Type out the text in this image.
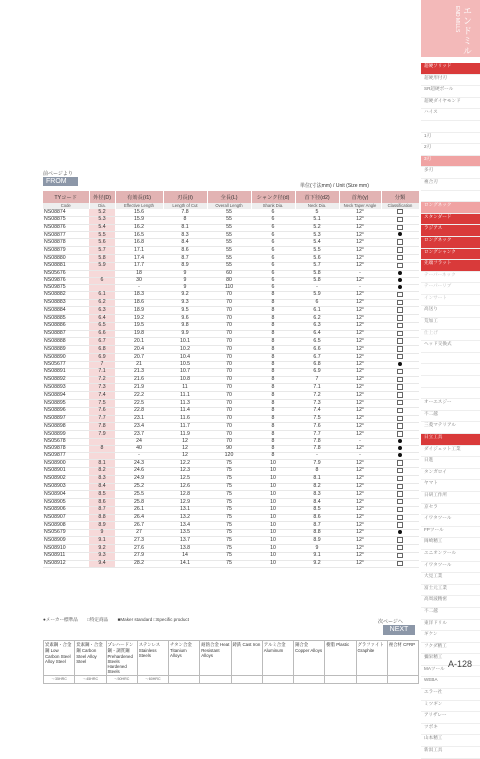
エンドミル
END MILLS
超硬ソリッド
超硬形付刃
SR超硬ボール
超硬ダイヤモンド
ハイス
1刃
2刃
3刃
多刃
複合刃
ロングネック
スタンダード
ラジアス
ロングネック
ロングシャンク
先端フラット
テーパーネック
テーパーリブ
インサート
高送り
荒加工
仕上げ
ヘッド交換式
オーエスジー
不二越
三菱マテリアル
日立工具
ダイジェット工業
日進
タンガロイ
ヤマト
日研工作所
京セラ
イワタツール
FPツール
岡崎精工
ユニオンツール
イワタツール
大見工業
富士元工業
高周波精密
不二越
東洋ドリル
ギケン
フクダ精工
彌栄精工
MAツール
WEBA
エラー社
ミツギン
アリザレー
ツボキ
山本精工
新潟工具
A-128
前ページより
FROM
単位(寸法mm) / Unit (Size mm)
TYコード	外径(D)	有効長(ℓ1)	刃長(ℓ)	全長(L)	シャンク径(d)	首下径(d2)	首角(γ)	分類
Code	Dia.	Effective Length	Length of Cut	Overall Length	Shank Dia.	Neck Dia.	Neck Taper Angle	Classification
NS08874	5.2	15.6	7.8	55	6	5	12°	
NS08875	5.3	15.9	8	55	6	5.1	12°	
NS08876	5.4	16.2	8.1	55	6	5.2	12°	
NS08877	5.5	16.5	8.3	55	6	5.3	12°	
NS08878	5.6	16.8	8.4	55	6	5.4	12°	
NS08879	5.7	17.1	8.6	55	6	5.5	12°	
NS08880	5.8	17.4	8.7	55	6	5.6	12°	
NS08881	5.9	17.7	8.9	55	6	5.7	12°	
NS05676		18	9	60	6	5.8	-	
NS09876	6	30	9	80	6	5.8	12°	
NS09875		-	9	110	6	-	-	
NS08882	6.1	18.3	9.2	70	8	5.9	12°	
NS08883	6.2	18.6	9.3	70	8	6	12°	
NS08884	6.3	18.9	9.5	70	8	6.1	12°	
NS08885	6.4	19.2	9.6	70	8	6.2	12°	
NS08886	6.5	19.5	9.8	70	8	6.3	12°	
NS08887	6.6	19.8	9.9	70	8	6.4	12°	
NS08888	6.7	20.1	10.1	70	8	6.5	12°	
NS08889	6.8	20.4	10.2	70	8	6.6	12°	
NS08890	6.9	20.7	10.4	70	8	6.7	12°	
NS05677	7	21	10.5	70	8	6.8	12°	
NS08891	7.1	21.3	10.7	70	8	6.9	12°	
NS08892	7.2	21.6	10.8	70	8	7	12°	
NS08893	7.3	21.9	11	70	8	7.1	12°	
NS08894	7.4	22.2	11.1	70	8	7.2	12°	
NS08895	7.5	22.5	11.3	70	8	7.3	12°	
NS08896	7.6	22.8	11.4	70	8	7.4	12°	
NS08897	7.7	23.1	11.6	70	8	7.5	12°	
NS08898	7.8	23.4	11.7	70	8	7.6	12°	
NS08899	7.9	23.7	11.9	70	8	7.7	12°	
NS05678		24	12	70	8	7.8	-	
NS09878	8	40	12	90	8	7.8	12°	
NS09877		-	12	120	8	-	-	
NS08900	8.1	24.3	12.2	75	10	7.9	12°	
NS08901	8.2	24.6	12.3	75	10	8	12°	
NS08902	8.3	24.9	12.5	75	10	8.1	12°	
NS08903	8.4	25.2	12.6	75	10	8.2	12°	
NS08904	8.5	25.5	12.8	75	10	8.3	12°	
NS08905	8.6	25.8	12.9	75	10	8.4	12°	
NS08906	8.7	26.1	13.1	75	10	8.5	12°	
NS08907	8.8	26.4	13.2	75	10	8.6	12°	
NS08908	8.9	26.7	13.4	75	10	8.7	12°	
NS05679	9	27	13.5	75	10	8.8	12°	
NS08909	9.1	27.3	13.7	75	10	8.9	12°	
NS08910	9.2	27.6	13.8	75	10	9	12°	
NS08911	9.3	27.9	14	75	10	9.1	12°	
NS08912	9.4	28.2	14.1	75	10	9.2	12°	
●メーカー標準品 □特定商品 ■Maker standard □Specific product	次ページへ
NEXT
炭素鋼・合金鋼 Low Carbon Steel Alloy Steel	炭素鋼・合金鋼 Carbon Steel Alloy Steel	プレハードン鋼・調質鋼 Prehardened Steels Hardened Steels	ステンレス Stainless Steels	チタン合金 Titanium Alloys	耐熱合金 Heat Resistant Alloys	鋳鉄 Cast Iron	アルミ合金 Aluminum	銅合金 Copper Alloys	樹脂 Plastic	グラファイト Graphite	複合材 CFRP
〜35HRC	〜45HRC	〜50HRC	〜60HRC								
